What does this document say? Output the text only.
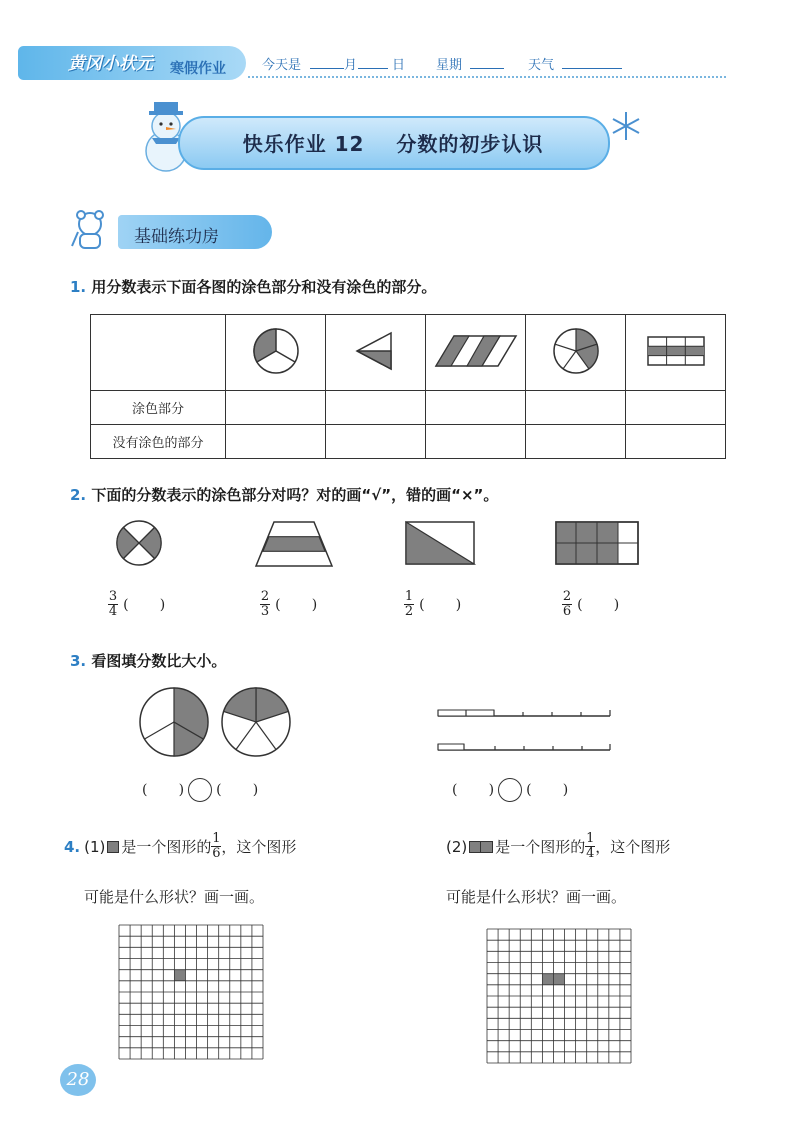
黄冈小状元 寒假作业	今天是	月	日 星期	天气
快乐作业 12    分数的初步认识
基础练功房
1. 用分数表示下面各图的涂色部分和没有涂色的部分。

涂色部分					
没有涂色的部分					
2. 下面的分数表示的涂色部分对吗？对的画“√”，错的画“×”。
$\frac{3}{4}$ (       )	$\frac{2}{3}$ (       )	$\frac{1}{2}$ (       )	$\frac{2}{6}$ (       )
3. 看图填分数比大小。
(       ) (       )	(       ) (       )
4. (1) 是一个图形的 $\frac{1}{6}$ ，这个图形
可能是什么形状？画一画。
(2) 是一个图形的 $\frac{1}{4}$ ，这个图形
可能是什么形状？画一画。
28
